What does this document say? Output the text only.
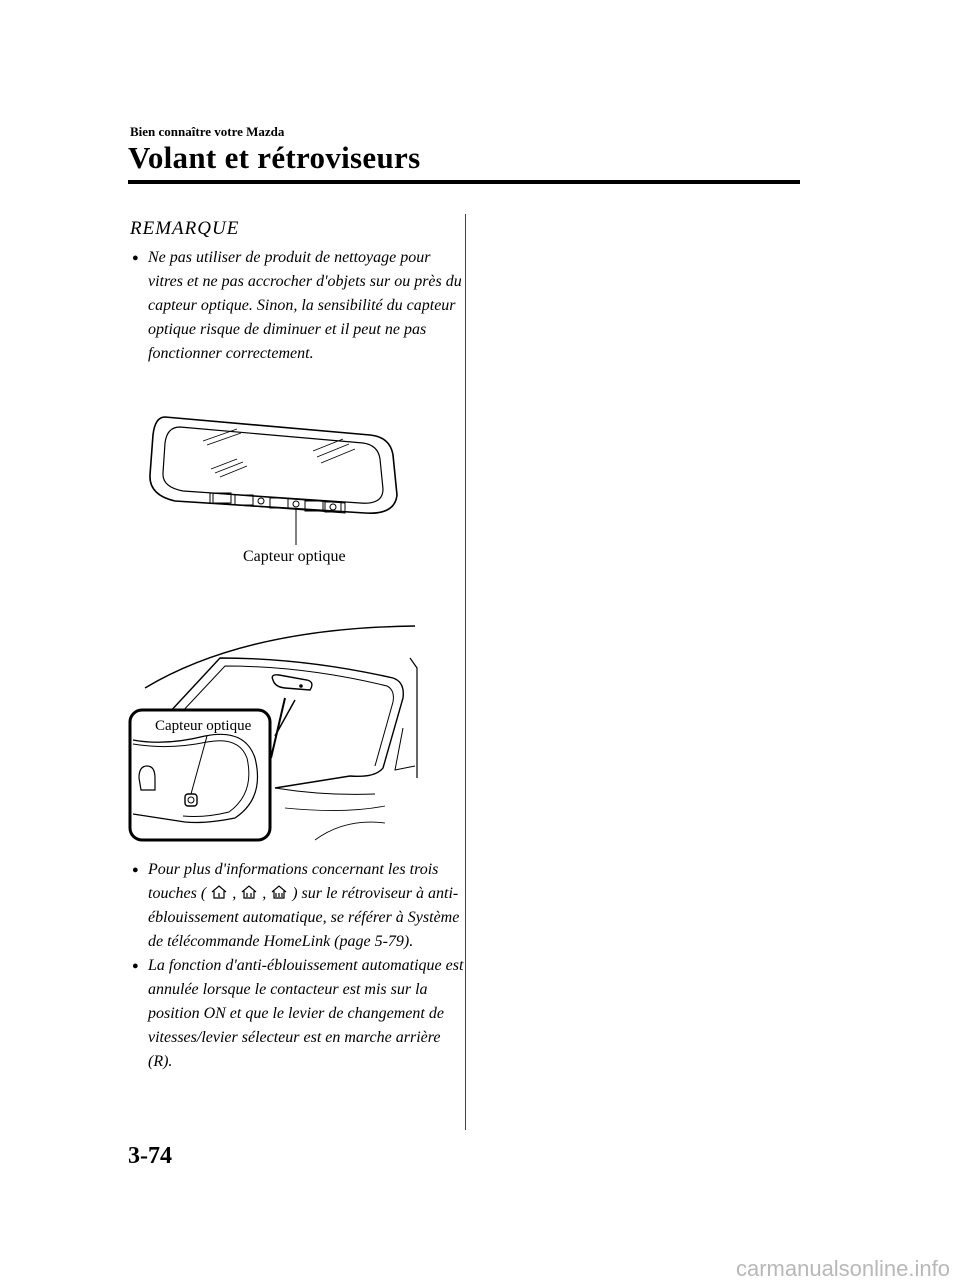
Bien connaître votre Mazda
Volant et rétroviseurs
REMARQUE
● Ne pas utiliser de produit de nettoyage pour vitres et ne pas accrocher d'objets sur ou près du capteur optique. Sinon, la sensibilité du capteur optique risque de diminuer et il peut ne pas fonctionner correctement.
Capteur optique
Capteur optique
● Pour plus d'informations concernant les trois touches ( , , ) sur le rétroviseur à anti-éblouissement automatique, se référer à Système de télécommande HomeLink (page 5-79).
● La fonction d'anti-éblouissement automatique est annulée lorsque le contacteur est mis sur la position ON et que le levier de changement de vitesses/levier sélecteur est en marche arrière (R).
3-74
carmanualsonline.info
